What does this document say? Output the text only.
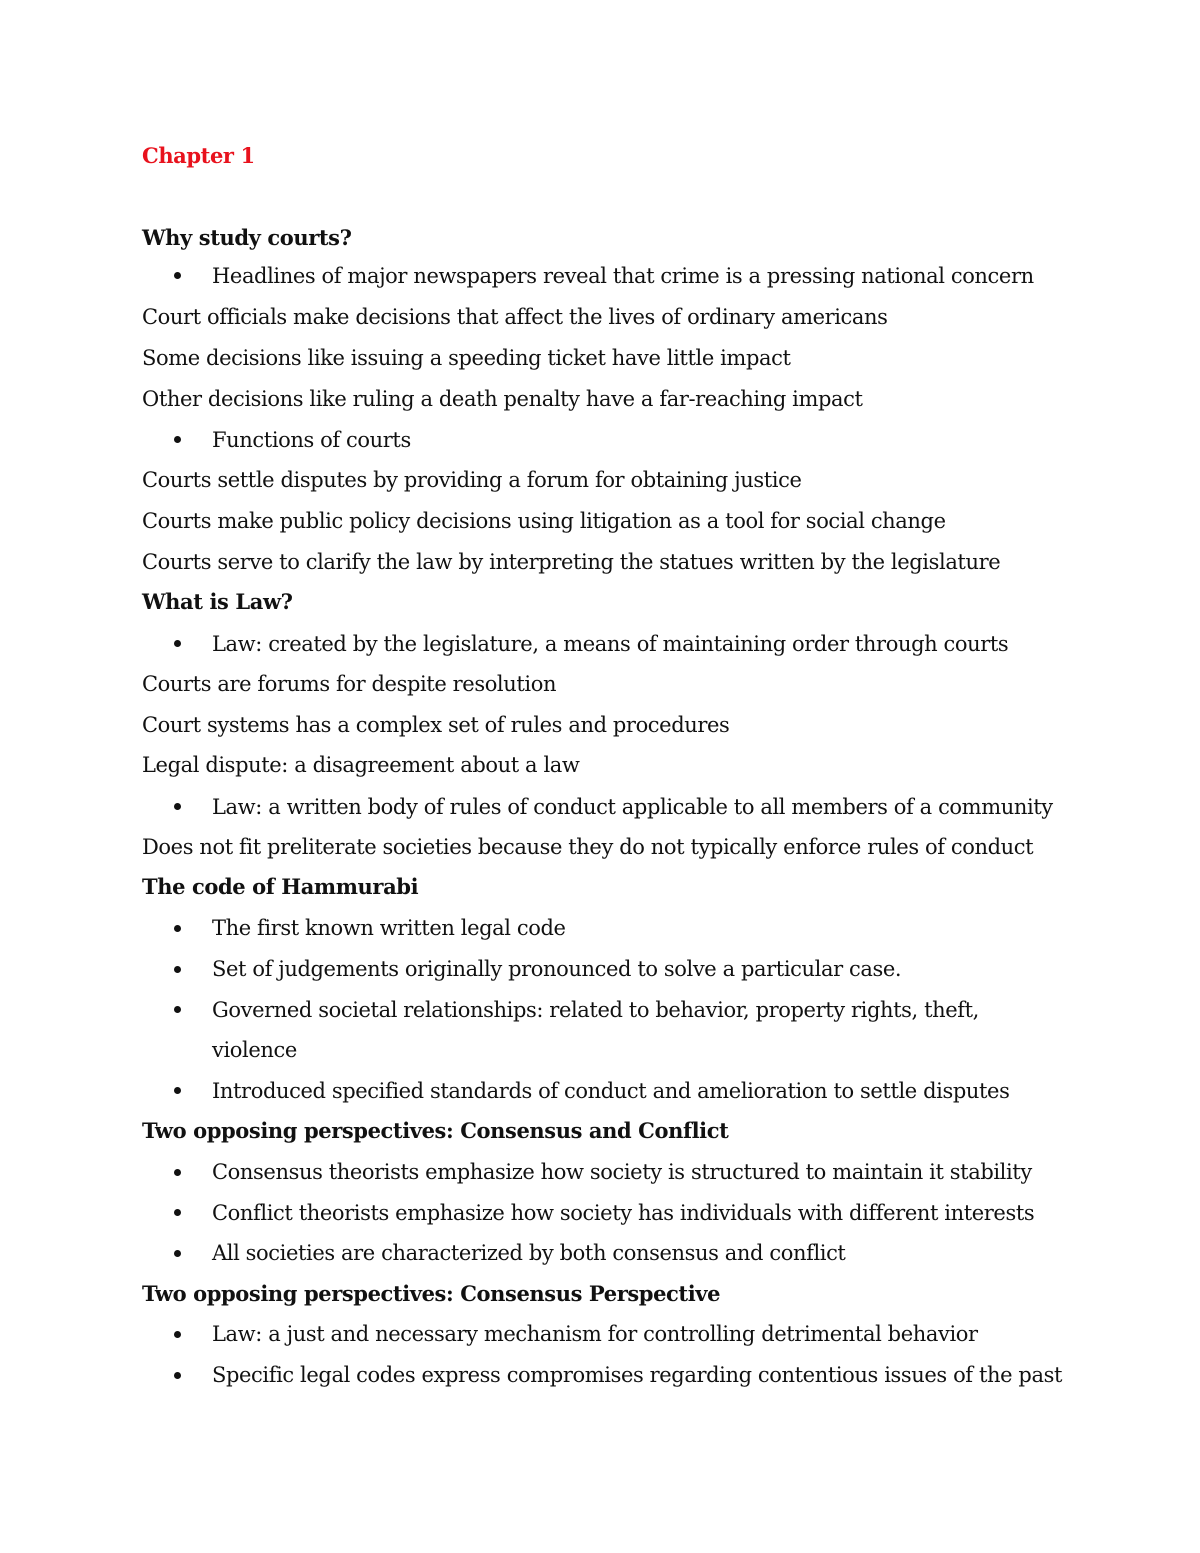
Chapter 1
Why study courts?
Headlines of major newspapers reveal that crime is a pressing national concern
Court officials make decisions that affect the lives of ordinary americans
Some decisions like issuing a speeding ticket have little impact
Other decisions like ruling a death penalty have a far-reaching impact
Functions of courts
Courts settle disputes by providing a forum for obtaining justice
Courts make public policy decisions using litigation as a tool for social change
Courts serve to clarify the law by interpreting the statues written by the legislature
What is Law?
Law: created by the legislature, a means of maintaining order through courts
Courts are forums for despite resolution
Court systems has a complex set of rules and procedures
Legal dispute: a disagreement about a law
Law: a written body of rules of conduct applicable to all members of a community
Does not fit preliterate societies because they do not typically enforce rules of conduct
The code of Hammurabi
The first known written legal code
Set of judgements originally pronounced to solve a particular case.
Governed societal relationships: related to behavior, property rights, theft,
violence
Introduced specified standards of conduct and amelioration to settle disputes
Two opposing perspectives: Consensus and Conflict
Consensus theorists emphasize how society is structured to maintain it stability
Conflict theorists emphasize how society has individuals with different interests
All societies are characterized by both consensus and conflict
Two opposing perspectives: Consensus Perspective
Law: a just and necessary mechanism for controlling detrimental behavior
Specific legal codes express compromises regarding contentious issues of the past
